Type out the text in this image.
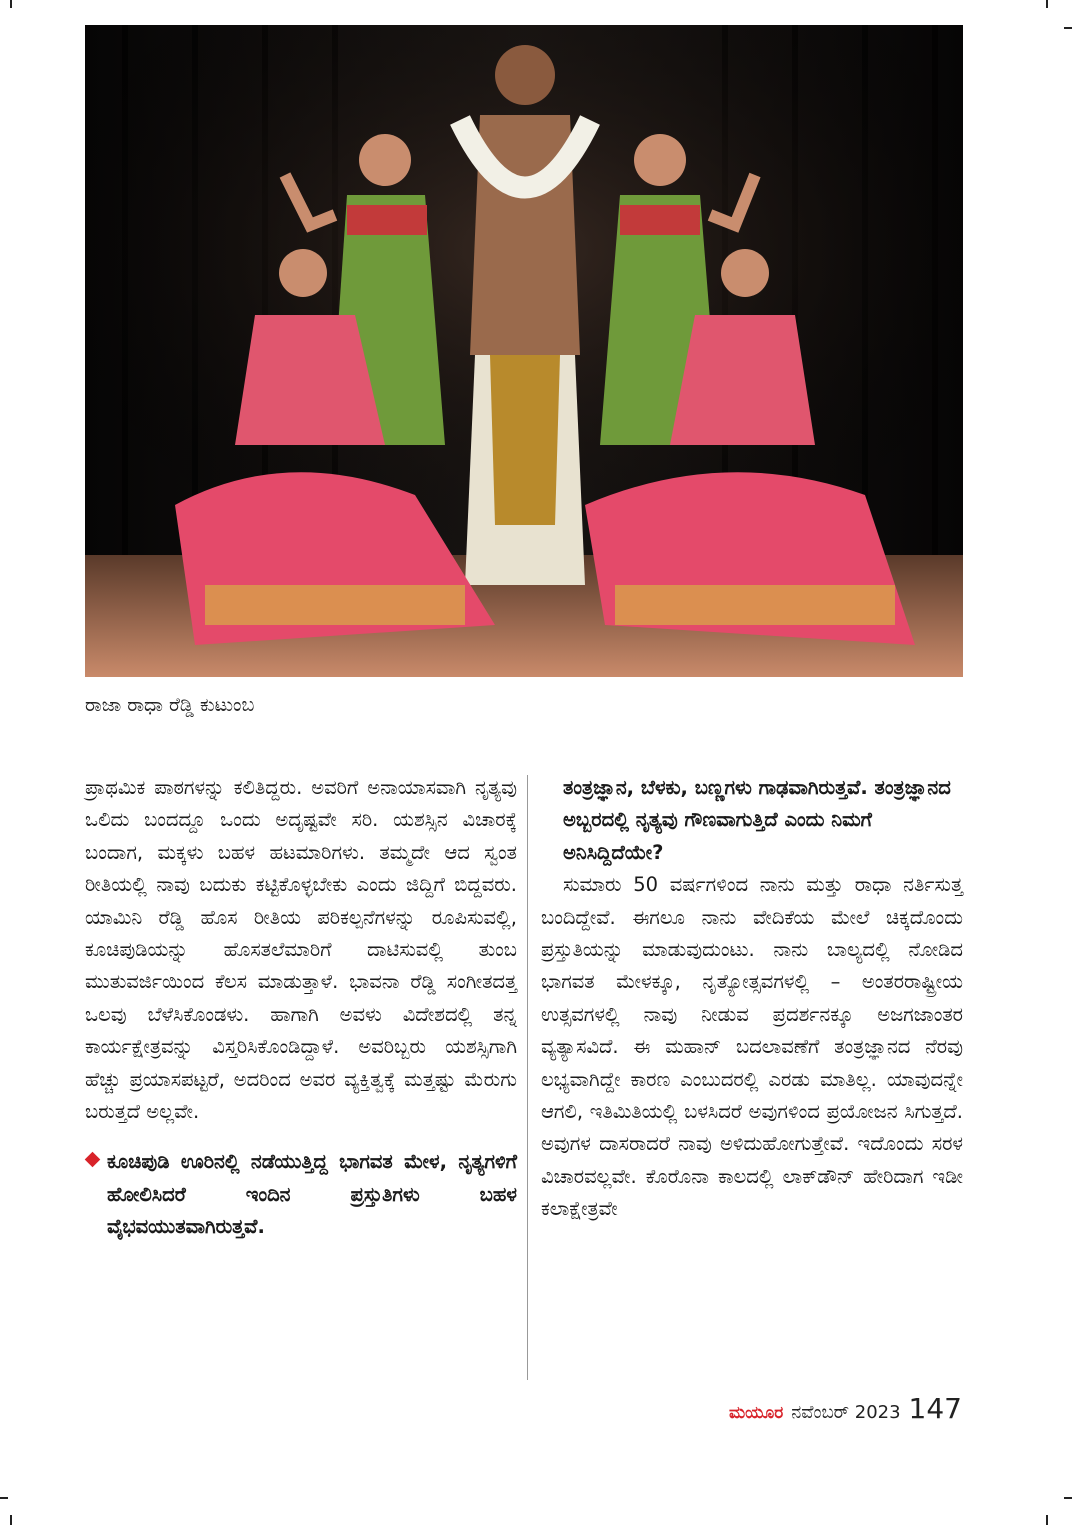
ರಾಜಾ ರಾಧಾ ರೆಡ್ಡಿ ಕುಟುಂಬ

ಪ್ರಾಥಮಿಕ ಪಾಠಗಳನ್ನು ಕಲಿತಿದ್ದರು. ಅವರಿಗೆ ಅನಾಯಾಸವಾಗಿ ನೃತ್ಯವು ಒಲಿದು ಬಂದದ್ದೂ ಒಂದು ಅದೃಷ್ಟವೇ ಸರಿ. ಯಶಸ್ಸಿನ ವಿಚಾರಕ್ಕೆ ಬಂದಾಗ, ಮಕ್ಕಳು ಬಹಳ ಹಟಮಾರಿಗಳು. ತಮ್ಮದೇ ಆದ ಸ್ವಂತ ರೀತಿಯಲ್ಲಿ ನಾವು ಬದುಕು ಕಟ್ಟಿಕೊಳ್ಳಬೇಕು ಎಂದು ಜಿದ್ದಿಗೆ ಬಿದ್ದವರು. ಯಾಮಿನಿ ರೆಡ್ಡಿ ಹೊಸ ರೀತಿಯ ಪರಿಕಲ್ಪನೆಗಳನ್ನು ರೂಪಿಸುವಲ್ಲಿ, ಕೂಚಿಪುಡಿಯನ್ನು ಹೊಸತಲೆಮಾರಿಗೆ ದಾಟಿಸುವಲ್ಲಿ ತುಂಬ ಮುತುವರ್ಜಿಯಿಂದ ಕೆಲಸ ಮಾಡುತ್ತಾಳೆ. ಭಾವನಾ ರೆಡ್ಡಿ ಸಂಗೀತದತ್ತ ಒಲವು ಬೆಳೆಸಿಕೊಂಡಳು. ಹಾಗಾಗಿ ಅವಳು ವಿದೇಶದಲ್ಲಿ ತನ್ನ ಕಾರ್ಯಕ್ಷೇತ್ರವನ್ನು ವಿಸ್ತರಿಸಿಕೊಂಡಿದ್ದಾಳೆ. ಅವರಿಬ್ಬರು ಯಶಸ್ಸಿಗಾಗಿ ಹೆಚ್ಚು ಪ್ರಯಾಸಪಟ್ಟರೆ, ಅದರಿಂದ ಅವರ ವ್ಯಕ್ತಿತ್ವಕ್ಕೆ ಮತ್ತಷ್ಟು ಮೆರುಗು ಬರುತ್ತದೆ ಅಲ್ಲವೇ.

ಕೂಚಿಪುಡಿ ಊರಿನಲ್ಲಿ ನಡೆಯುತ್ತಿದ್ದ ಭಾಗವತ ಮೇಳ, ನೃತ್ಯಗಳಿಗೆ ಹೋಲಿಸಿದರೆ ಇಂದಿನ ಪ್ರಸ್ತುತಿಗಳು ಬಹಳ ವೈಭವಯುತವಾಗಿರುತ್ತವೆ.

ತಂತ್ರಜ್ಞಾನ, ಬೆಳಕು, ಬಣ್ಣಗಳು ಗಾಢವಾಗಿರುತ್ತವೆ. ತಂತ್ರಜ್ಞಾನದ ಅಬ್ಬರದಲ್ಲಿ ನೃತ್ಯವು ಗೌಣವಾಗುತ್ತಿದೆ ಎಂದು ನಿಮಗೆ ಅನಿಸಿದ್ದಿದೆಯೇ?

ಸುಮಾರು 50 ವರ್ಷಗಳಿಂದ ನಾನು ಮತ್ತು ರಾಧಾ ನರ್ತಿಸುತ್ತ ಬಂದಿದ್ದೇವೆ. ಈಗಲೂ ನಾನು ವೇದಿಕೆಯ ಮೇಲೆ ಚಿಕ್ಕದೊಂದು ಪ್ರಸ್ತುತಿಯನ್ನು ಮಾಡುವುದುಂಟು. ನಾನು ಬಾಲ್ಯದಲ್ಲಿ ನೋಡಿದ ಭಾಗವತ ಮೇಳಕ್ಕೂ, ನೃತ್ಯೋತ್ಸವಗಳಲ್ಲಿ – ಅಂತರರಾಷ್ಟ್ರೀಯ ಉತ್ಸವಗಳಲ್ಲಿ ನಾವು ನೀಡುವ ಪ್ರದರ್ಶನಕ್ಕೂ ಅಜಗಜಾಂತರ ವ್ಯತ್ಯಾಸವಿದೆ. ಈ ಮಹಾನ್ ಬದಲಾವಣೆಗೆ ತಂತ್ರಜ್ಞಾನದ ನೆರವು ಲಭ್ಯವಾಗಿದ್ದೇ ಕಾರಣ ಎಂಬುದರಲ್ಲಿ ಎರಡು ಮಾತಿಲ್ಲ. ಯಾವುದನ್ನೇ ಆಗಲಿ, ಇತಿಮಿತಿಯಲ್ಲಿ ಬಳಸಿದರೆ ಅವುಗಳಿಂದ ಪ್ರಯೋಜನ ಸಿಗುತ್ತದೆ. ಅವುಗಳ ದಾಸರಾದರೆ ನಾವು ಅಳಿದುಹೋಗುತ್ತೇವೆ. ಇದೊಂದು ಸರಳ ವಿಚಾರವಲ್ಲವೇ. ಕೊರೊನಾ ಕಾಲದಲ್ಲಿ ಲಾಕ್‌ಡೌನ್ ಹೇರಿದಾಗ ಇಡೀ ಕಲಾಕ್ಷೇತ್ರವೇ

ಮಯೂರ ನವೆಂಬರ್ 2023 147
